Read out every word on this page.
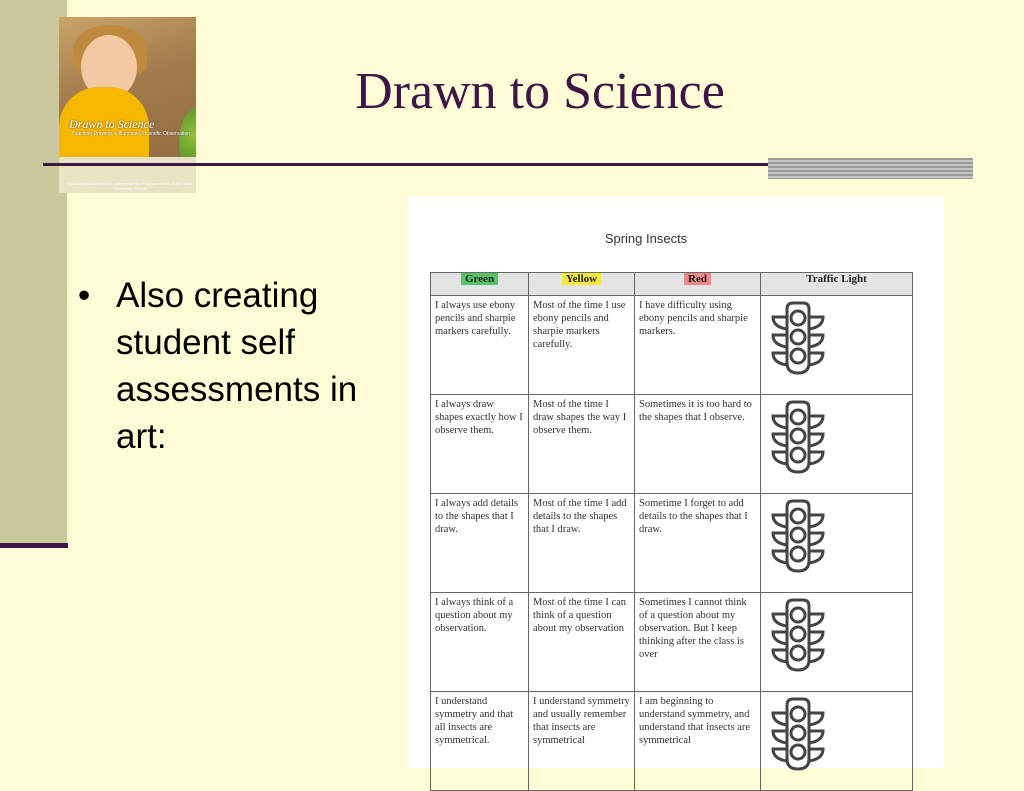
Drawn to Science
Teaching Drawing to Illuminate Scientific Observation
Featuring Rachel Stevens, Andrea Bemis, Professor of Art, & 6th Grade Elementary School
Drawn to Science
• Also creating student self assessments in art:
Spring Insects
Green	Yellow	Red	Traffic Light
I always use ebony pencils and sharpie markers carefully.	Most of the time I use ebony pencils and sharpie markers carefully.	I have difficulty using ebony pencils and sharpie markers.	

I always draw shapes exactly how I observe them.	Most of the time I draw shapes the way I observe them.	Sometimes it is too hard to the shapes that I observe.	

I always add details to the shapes that I draw.	Most of the time I add details to the shapes that I draw.	Sometime I forget to add details to the shapes that I draw.	

I always think of a question about my observation.	Most of the time I can think of a question about my observation	Sometimes I cannot think of a question about my observation. But I keep thinking after the class is over	

I understand symmetry and that all insects are symmetrical.	I understand symmetry and usually remember that insects are symmetrical	I am beginning to understand symmetry, and understand that insects are symmetrical	
